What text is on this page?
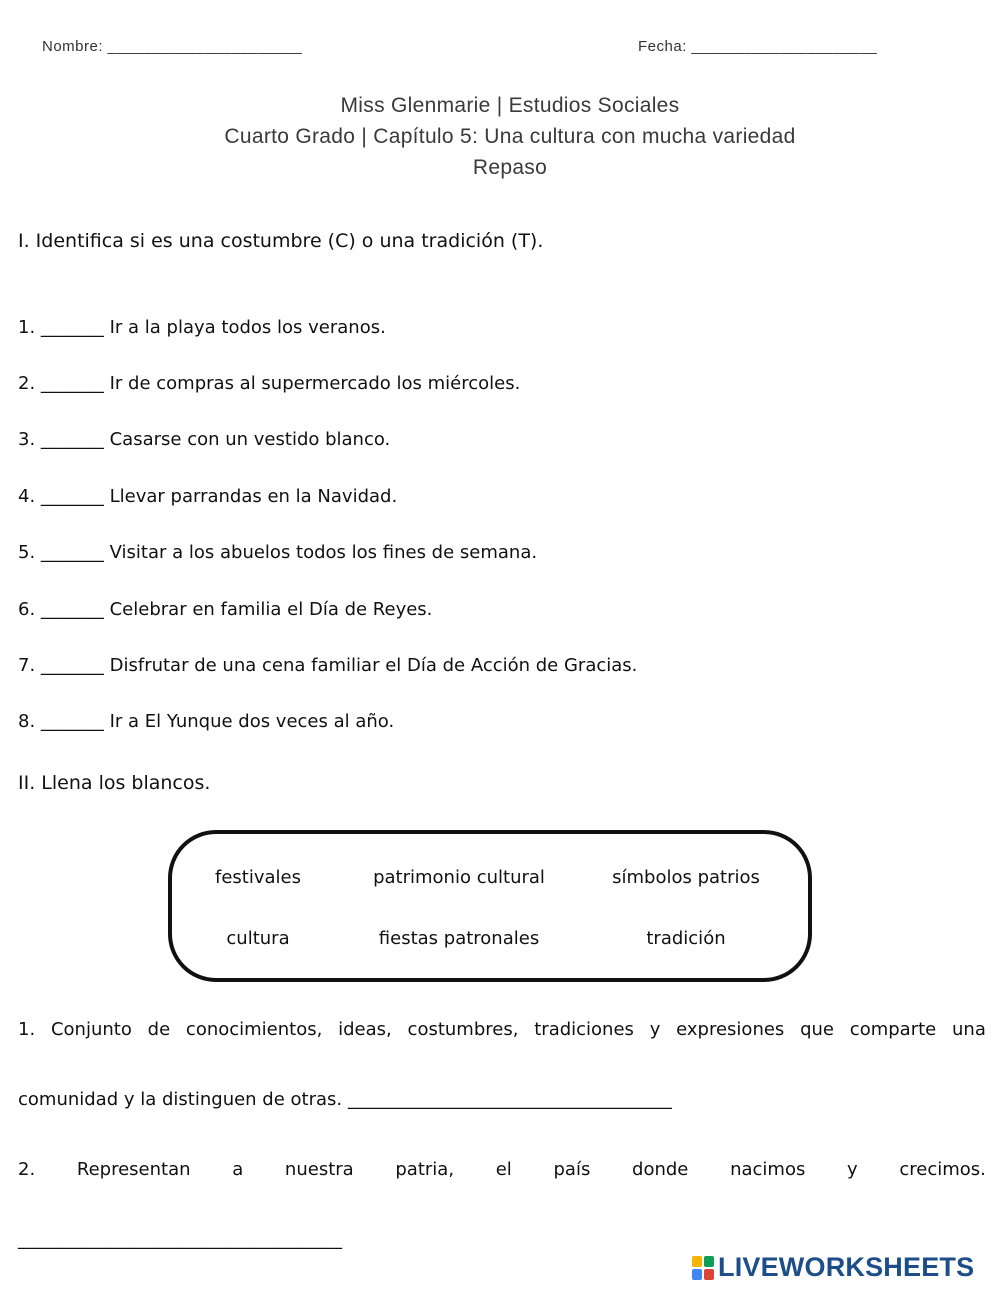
Nombre: ______________________	Fecha: _____________________
Miss Glenmarie | Estudios Sociales
Cuarto Grado | Capítulo 5: Una cultura con mucha variedad
Repaso
I. Identifica si es una costumbre (C) o una tradición (T).
1. _______ Ir a la playa todos los veranos.
2. _______ Ir de compras al supermercado los miércoles.
3. _______ Casarse con un vestido blanco.
4. _______ Llevar parrandas en la Navidad.
5. _______ Visitar a los abuelos todos los fines de semana.
6. _______ Celebrar en familia el Día de Reyes.
7. _______ Disfrutar de una cena familiar el Día de Acción de Gracias.
8. _______ Ir a El Yunque dos veces al año.
II. Llena los blancos.
festivales	patrimonio cultural	símbolos patrios
cultura	fiestas patronales	tradición
1. Conjunto de conocimientos, ideas, costumbres, tradiciones y expresiones que comparte una
comunidad y la distinguen de otras. ____________________________________
2. Representan a nuestra patria, el país donde nacimos y crecimos.
____________________________________
LIVEWORKSHEETS
